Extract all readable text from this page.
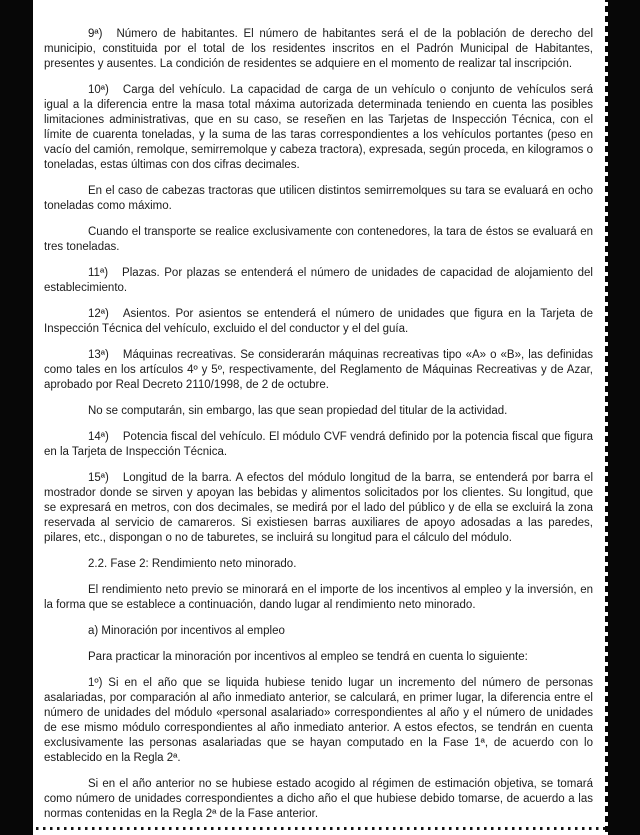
9ª) Número de habitantes. El número de habitantes será el de la población de derecho del municipio, constituida por el total de los residentes inscritos en el Padrón Municipal de Habitantes, presentes y ausentes. La condición de residentes se adquiere en el momento de realizar tal inscripción.

10ª) Carga del vehículo. La capacidad de carga de un vehículo o conjunto de vehículos será igual a la diferencia entre la masa total máxima autorizada determinada teniendo en cuenta las posibles limitaciones administrativas, que en su caso, se reseñen en las Tarjetas de Inspección Técnica, con el límite de cuarenta toneladas, y la suma de las taras correspondientes a los vehículos portantes (peso en vacío del camión, remolque, semirremolque y cabeza tractora), expresada, según proceda, en kilogramos o toneladas, estas últimas con dos cifras decimales.

En el caso de cabezas tractoras que utilicen distintos semirremolques su tara se evaluará en ocho toneladas como máximo.

Cuando el transporte se realice exclusivamente con contenedores, la tara de éstos se evaluará en tres toneladas.

11ª) Plazas. Por plazas se entenderá el número de unidades de capacidad de alojamiento del establecimiento.

12ª) Asientos. Por asientos se entenderá el número de unidades que figura en la Tarjeta de Inspección Técnica del vehículo, excluido el del conductor y el del guía.

13ª) Máquinas recreativas. Se considerarán máquinas recreativas tipo «A» o «B», las definidas como tales en los artículos 4º y 5º, respectivamente, del Reglamento de Máquinas Recreativas y de Azar, aprobado por Real Decreto 2110/1998, de 2 de octubre.

No se computarán, sin embargo, las que sean propiedad del titular de la actividad.

14ª) Potencia fiscal del vehículo. El módulo CVF vendrá definido por la potencia fiscal que figura en la Tarjeta de Inspección Técnica.

15ª) Longitud de la barra. A efectos del módulo longitud de la barra, se entenderá por barra el mostrador donde se sirven y apoyan las bebidas y alimentos solicitados por los clientes. Su longitud, que se expresará en metros, con dos decimales, se medirá por el lado del público y de ella se excluirá la zona reservada al servicio de camareros. Si existiesen barras auxiliares de apoyo adosadas a las paredes, pilares, etc., dispongan o no de taburetes, se incluirá su longitud para el cálculo del módulo.

2.2. Fase 2: Rendimiento neto minorado.

El rendimiento neto previo se minorará en el importe de los incentivos al empleo y la inversión, en la forma que se establece a continuación, dando lugar al rendimiento neto minorado.

a) Minoración por incentivos al empleo

Para practicar la minoración por incentivos al empleo se tendrá en cuenta lo siguiente:

1º) Si en el año que se liquida hubiese tenido lugar un incremento del número de personas asalariadas, por comparación al año inmediato anterior, se calculará, en primer lugar, la diferencia entre el número de unidades del módulo «personal asalariado» correspondientes al año y el número de unidades de ese mismo módulo correspondientes al año inmediato anterior. A estos efectos, se tendrán en cuenta exclusivamente las personas asalariadas que se hayan computado en la Fase 1ª, de acuerdo con lo establecido en la Regla 2ª.

Si en el año anterior no se hubiese estado acogido al régimen de estimación objetiva, se tomará como número de unidades correspondientes a dicho año el que hubiese debido tomarse, de acuerdo a las normas contenidas en la Regla 2ª de la Fase anterior.
